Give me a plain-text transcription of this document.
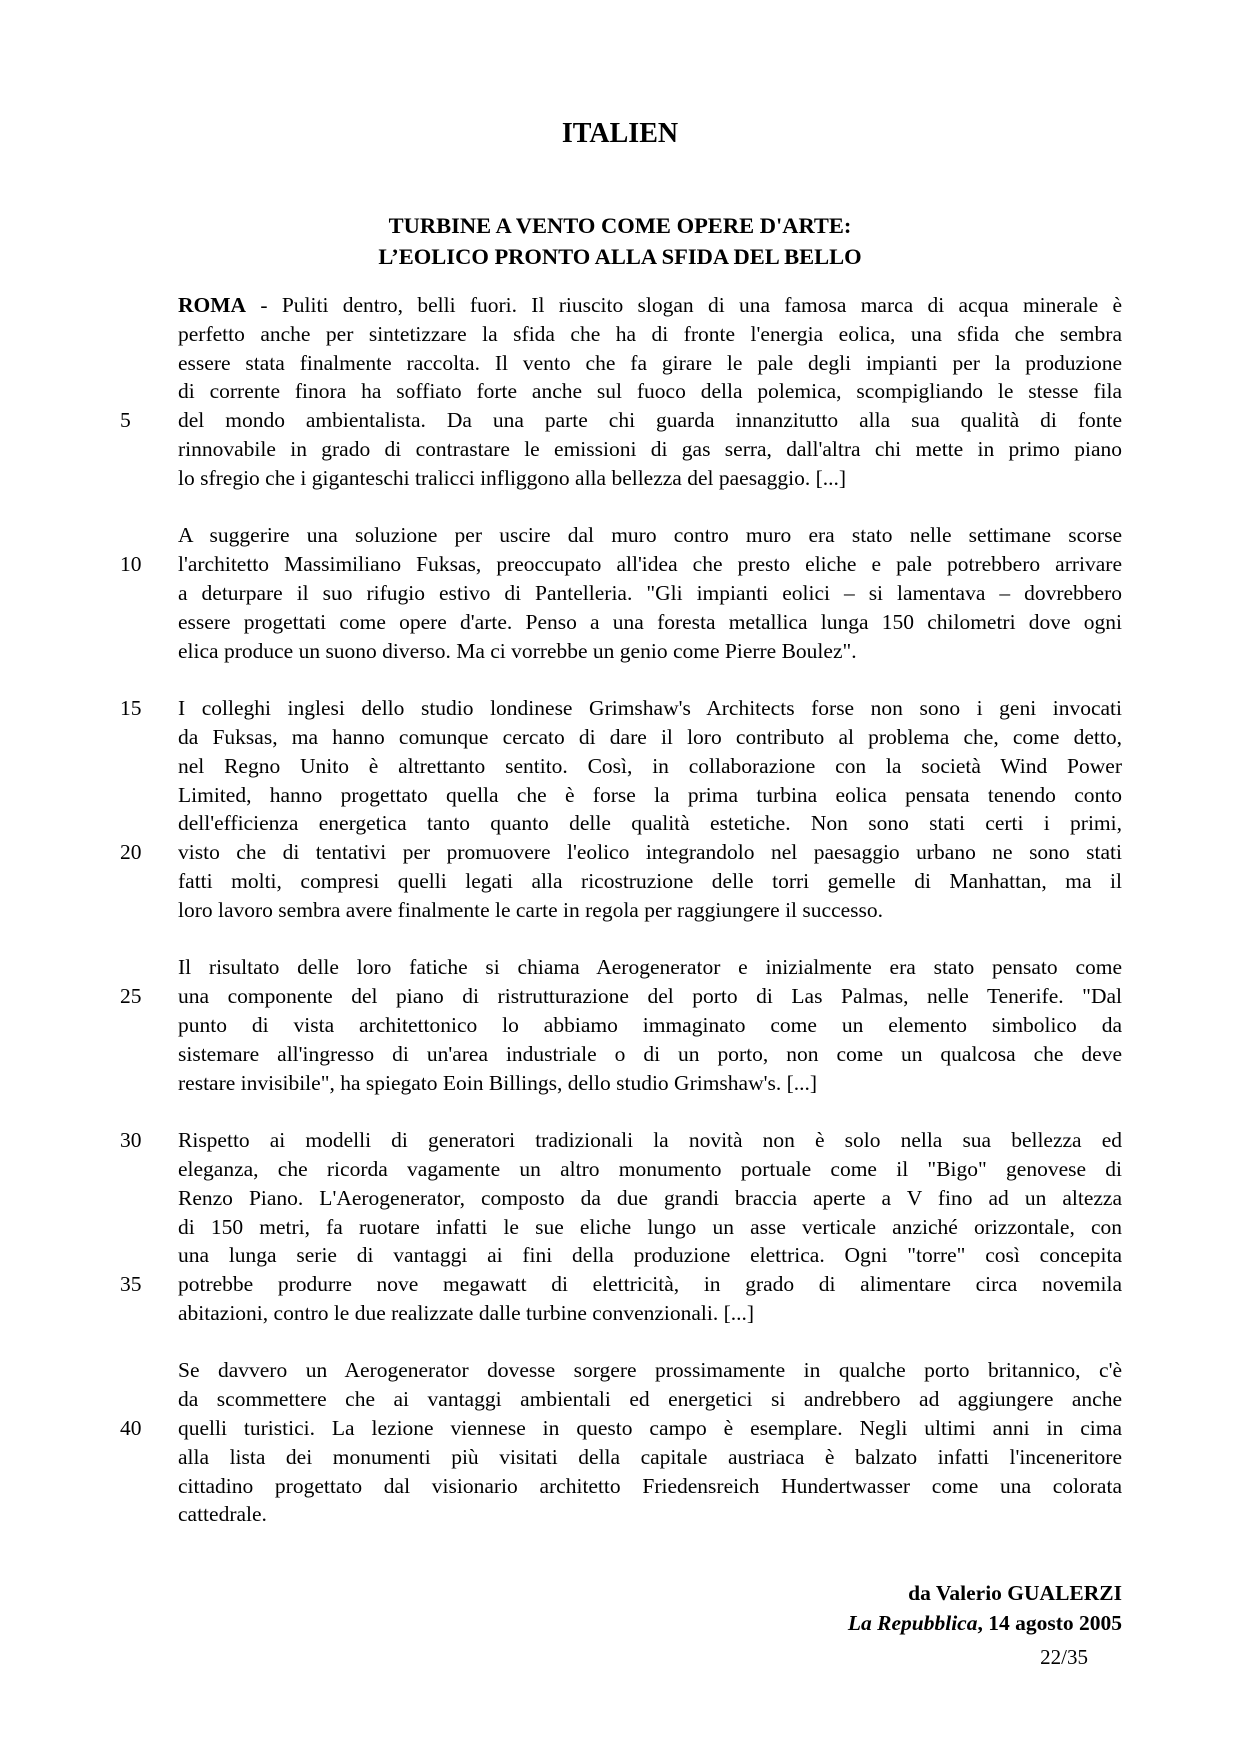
ITALIEN
TURBINE A VENTO COME OPERE D'ARTE:
L’EOLICO PRONTO ALLA SFIDA DEL BELLO
5
ROMA - Puliti dentro, belli fuori. Il riuscito slogan di una famosa marca di acqua minerale è
perfetto anche per sintetizzare la sfida che ha di fronte l'energia eolica, una sfida che sembra
essere stata finalmente raccolta. Il vento che fa girare le pale degli impianti per la produzione
di corrente finora ha soffiato forte anche sul fuoco della polemica, scompigliando le stesse fila
del mondo ambientalista. Da una parte chi guarda innanzitutto alla sua qualità di fonte
rinnovabile in grado di contrastare le emissioni di gas serra, dall'altra chi mette in primo piano
lo sfregio che i giganteschi tralicci infliggono alla bellezza del paesaggio. [...]
10
A suggerire una soluzione per uscire dal muro contro muro era stato nelle settimane scorse
l'architetto Massimiliano Fuksas, preoccupato all'idea che presto eliche e pale potrebbero arrivare
a deturpare il suo rifugio estivo di Pantelleria. "Gli impianti eolici – si lamentava – dovrebbero
essere progettati come opere d'arte. Penso a una foresta metallica lunga 150 chilometri dove ogni
elica produce un suono diverso. Ma ci vorrebbe un genio come Pierre Boulez".
15
20
I colleghi inglesi dello studio londinese Grimshaw's Architects forse non sono i geni invocati
da Fuksas, ma hanno comunque cercato di dare il loro contributo al problema che, come detto,
nel Regno Unito è altrettanto sentito. Così, in collaborazione con la società Wind Power
Limited, hanno progettato quella che è forse la prima turbina eolica pensata tenendo conto
dell'efficienza energetica tanto quanto delle qualità estetiche. Non sono stati certi i primi,
visto che di tentativi per promuovere l'eolico integrandolo nel paesaggio urbano ne sono stati
fatti molti, compresi quelli legati alla ricostruzione delle torri gemelle di Manhattan, ma il
loro lavoro sembra avere finalmente le carte in regola per raggiungere il successo.
25
Il risultato delle loro fatiche si chiama Aerogenerator e inizialmente era stato pensato come
una componente del piano di ristrutturazione del porto di Las Palmas, nelle Tenerife. "Dal
punto di vista architettonico lo abbiamo immaginato come un elemento simbolico da
sistemare all'ingresso di un'area industriale o di un porto, non come un qualcosa che deve
restare invisibile", ha spiegato Eoin Billings, dello studio Grimshaw's. [...]
30
35
Rispetto ai modelli di generatori tradizionali la novità non è solo nella sua bellezza ed
eleganza, che ricorda vagamente un altro monumento portuale come il "Bigo" genovese di
Renzo Piano. L'Aerogenerator, composto da due grandi braccia aperte a V fino ad un altezza
di 150 metri, fa ruotare infatti le sue eliche lungo un asse verticale anziché orizzontale, con
una lunga serie di vantaggi ai fini della produzione elettrica. Ogni "torre" così concepita
potrebbe produrre nove megawatt di elettricità, in grado di alimentare circa novemila
abitazioni, contro le due realizzate dalle turbine convenzionali. [...]
40
Se davvero un Aerogenerator dovesse sorgere prossimamente in qualche porto britannico, c'è
da scommettere che ai vantaggi ambientali ed energetici si andrebbero ad aggiungere anche
quelli turistici. La lezione viennese in questo campo è esemplare. Negli ultimi anni in cima
alla lista dei monumenti più visitati della capitale austriaca è balzato infatti l'inceneritore
cittadino progettato dal visionario architetto Friedensreich Hundertwasser come una colorata
cattedrale.
da Valerio GUALERZI
La Repubblica, 14 agosto 2005
22/35
